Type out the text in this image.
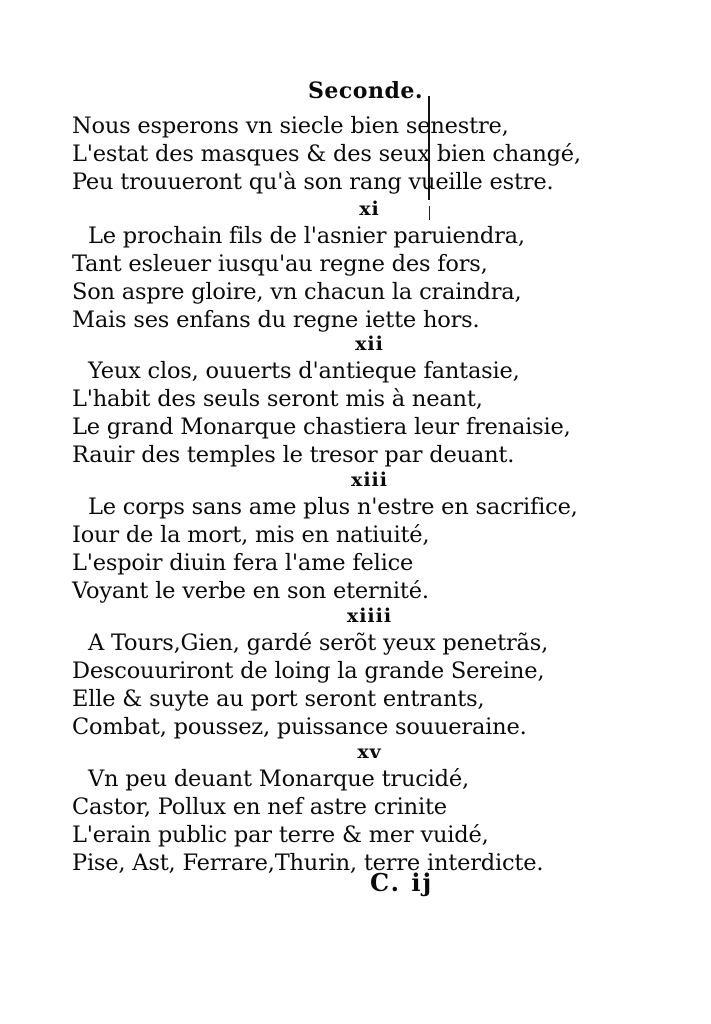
Seconde.
Nous esperons vn siecle bien senestre,
L'estat des masques & des seux bien changé,
Peu trouueront qu'à son rang vueille estre.
xi
Le prochain fils de l'asnier paruiendra,
Tant esleuer iusqu'au regne des fors,
Son aspre gloire, vn chacun la craindra,
Mais ses enfans du regne iette hors.
xii
Yeux clos, ouuerts d'antieque fantasie,
L'habit des seuls seront mis à neant,
Le grand Monarque chastiera leur frenaisie,
Rauir des temples le tresor par deuant.
xiii
Le corps sans ame plus n'estre en sacrifice,
Iour de la mort, mis en natiuité,
L'espoir diuin fera l'ame felice
Voyant le verbe en son eternité.
xiiii
A Tours,Gien, gardé serõt yeux penetrãs,
Descouuriront de loing la grande Sereine,
Elle & suyte au port seront entrants,
Combat, poussez, puissance souueraine.
xv
Vn peu deuant Monarque trucidé,
Castor, Pollux en nef astre crinite
L'erain public par terre & mer vuidé,
Pise, Ast, Ferrare,Thurin, terre interdicte.
C. ij
